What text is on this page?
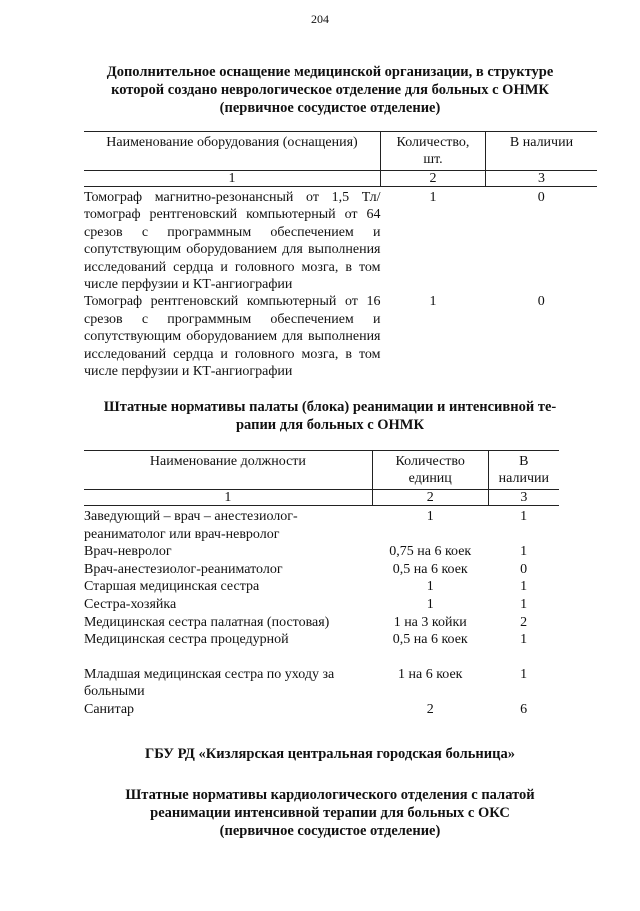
204
Дополнительное оснащение медицинской организации, в структуре
которой создано неврологическое отделение для больных с ОНМК
(первичное сосудистое отделение)
Наименование оборудования (оснащения)	Количество, шт.	В наличии

1	2	3
Томограф магнитно-резонансный от 1,5 Тл/томограф рентгеновский компьютерный от 64 срезов с программным обеспечением и сопутствующим оборудованием для выполнения исследований сердца и головного мозга, в том числе перфузии и КТ-ангиографии	1	0
Томограф рентгеновский компьютерный от 16 срезов с программным обеспечением и сопутствующим оборудованием для выполнения исследований сердца и головного мозга, в том числе перфузии и КТ-ангиографии	1	0
Штатные нормативы палаты (блока) реанимации и интенсивной те-
рапии для больных с ОНМК
Наименование должности	Количество единиц	В наличии

1	2	3
Заведующий – врач – анестезиолог-реаниматолог или врач-невролог	1	1
Врач-невролог	0,75 на 6 коек	1
Врач-анестезиолог-реаниматолог	0,5 на 6 коек	0
Старшая медицинская сестра	1	1
Сестра-хозяйка	1	1
Медицинская сестра палатная (постовая)	1 на 3 койки	2
Медицинская сестра процедурной	0,5 на 6 коек	1

Младшая медицинская сестра по уходу за больными	1 на 6 коек	1
Санитар	2	6
ГБУ РД «Кизлярская центральная городская больница»
Штатные нормативы кардиологического отделения с палатой
реанимации интенсивной терапии для больных с ОКС
(первичное сосудистое отделение)
